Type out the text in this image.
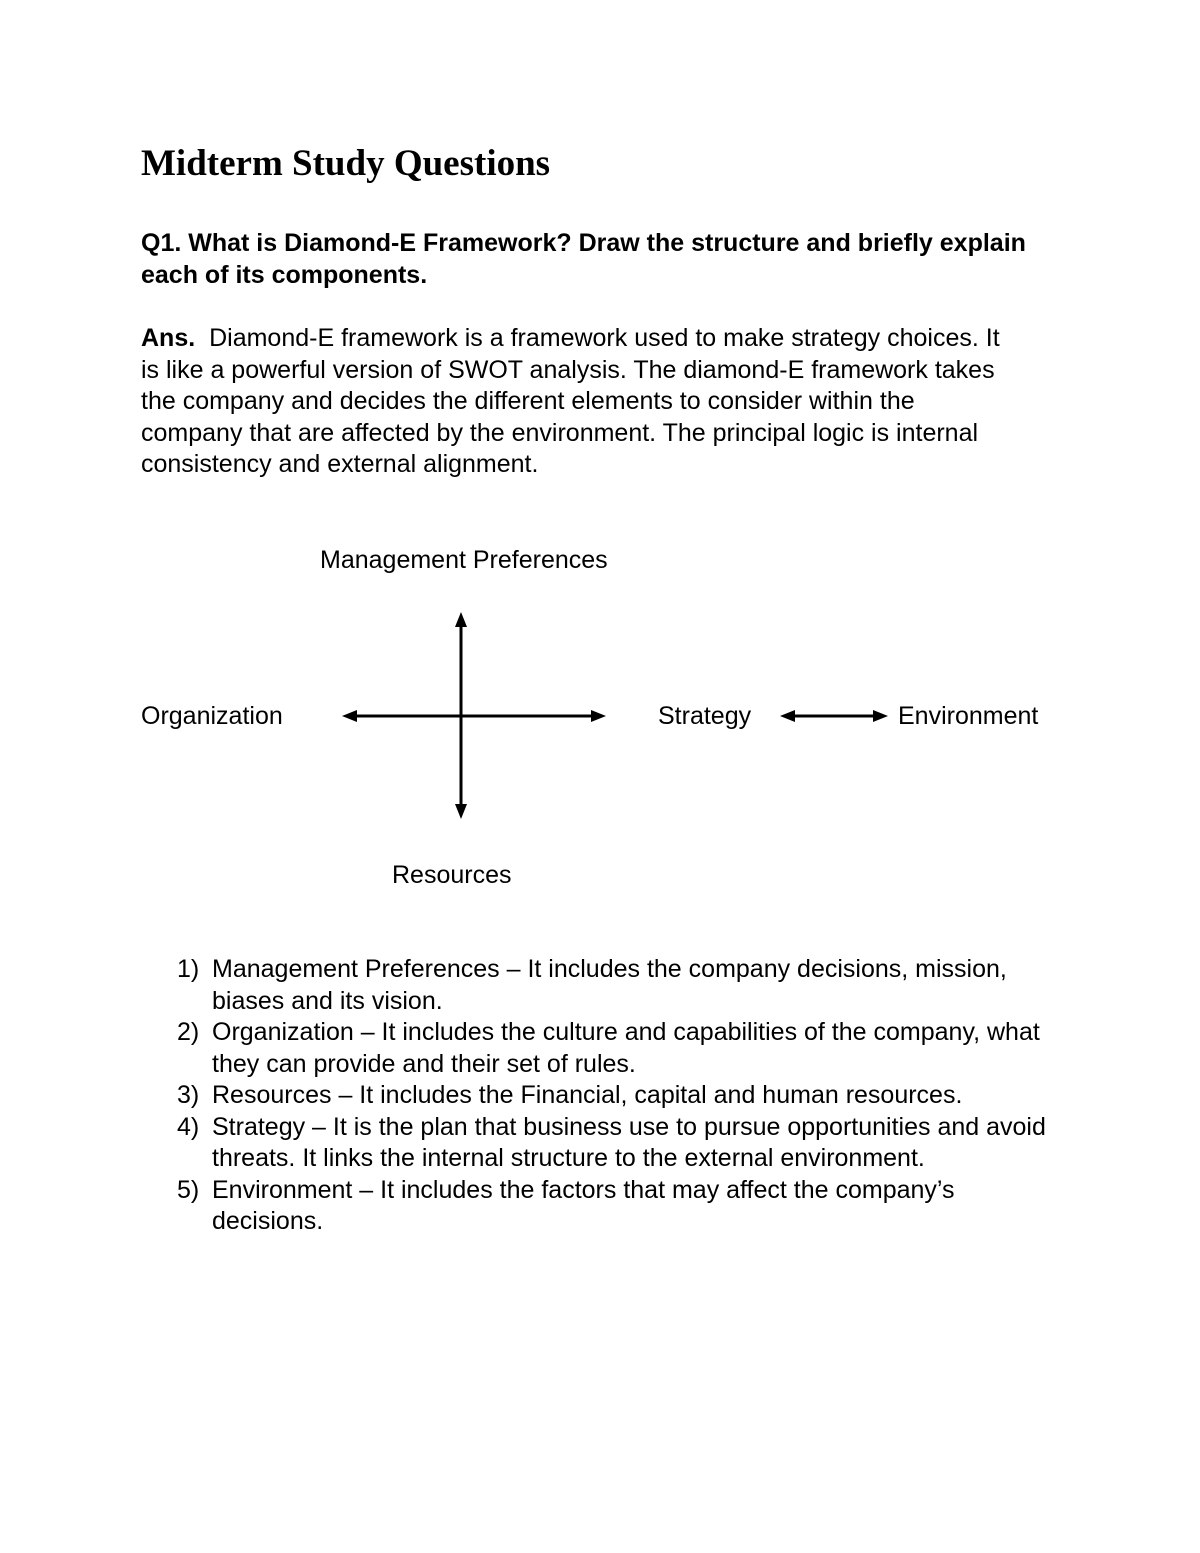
Midterm Study Questions

Q1. What is Diamond-E Framework? Draw the structure and briefly explain each of its components.

Ans. Diamond-E framework is a framework used to make strategy choices. It is like a powerful version of SWOT analysis. The diamond-E framework takes the company and decides the different elements to consider within the company that are affected by the environment. The principal logic is internal consistency and external alignment.

Management Preferences
Organization	Strategy	Environment
Resources
1) Management Preferences – It includes the company decisions, mission, biases and its vision.
2) Organization – It includes the culture and capabilities of the company, what they can provide and their set of rules.
3) Resources – It includes the Financial, capital and human resources.
4) Strategy – It is the plan that business use to pursue opportunities and avoid threats. It links the internal structure to the external environment.
5) Environment – It includes the factors that may affect the company’s decisions.
